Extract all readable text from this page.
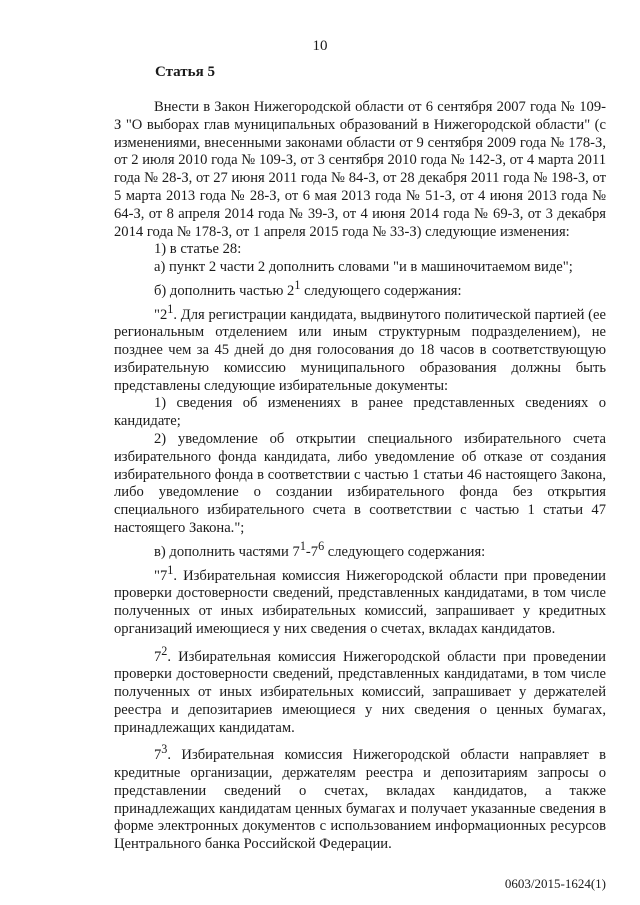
10
Статья 5

Внести в Закон Нижегородской области от 6 сентября 2007 года № 109-З "О выборах глав муниципальных образований в Нижегородской области" (с изменениями, внесенными законами области от 9 сентября 2009 года № 178-З, от 2 июля 2010 года № 109-З, от 3 сентября 2010 года № 142-З, от 4 марта 2011 года № 28-З, от 27 июня 2011 года № 84-З, от 28 декабря 2011 года № 198-З, от 5 марта 2013 года № 28-З, от 6 мая 2013 года № 51-З, от 4 июня 2013 года № 64-З, от 8 апреля 2014 года № 39-З, от 4 июня 2014 года № 69-З, от 3 декабря 2014 года № 178-З, от 1 апреля 2015 года № 33-З) следующие изменения:

1) в статье 28:

а) пункт 2 части 2 дополнить словами "и в машиночитаемом виде";

б) дополнить частью $2^1$ следующего содержания:

"$2^1$. Для регистрации кандидата, выдвинутого политической партией (ее региональным отделением или иным структурным подразделением), не позднее чем за 45 дней до дня голосования до 18 часов в соответствующую избирательную комиссию муниципального образования должны быть представлены следующие избирательные документы:

1) сведения об изменениях в ранее представленных сведениях о кандидате;

2) уведомление об открытии специального избирательного счета избирательного фонда кандидата, либо уведомление об отказе от создания избирательного фонда в соответствии с частью 1 статьи 46 настоящего Закона, либо уведомление о создании избирательного фонда без открытия специального избирательного счета в соответствии с частью 1 статьи 47 настоящего Закона.";

в) дополнить частями $7^1-7^6$ следующего содержания:

"$7^1$. Избирательная комиссия Нижегородской области при проведении проверки достоверности сведений, представленных кандидатами, в том числе полученных от иных избирательных комиссий, запрашивает у кредитных организаций имеющиеся у них сведения о счетах, вкладах кандидатов.

$7^2$. Избирательная комиссия Нижегородской области при проведении проверки достоверности сведений, представленных кандидатами, в том числе полученных от иных избирательных комиссий, запрашивает у держателей реестра и депозитариев имеющиеся у них сведения о ценных бумагах, принадлежащих кандидатам.

$7^3$. Избирательная комиссия Нижегородской области направляет в кредитные организации, держателям реестра и депозитариям запросы о представлении сведений о счетах, вкладах кандидатов, а также принадлежащих кандидатам ценных бумагах и получает указанные сведения в форме электронных документов с использованием информационных ресурсов Центрального банка Российской Федерации.

0603/2015-1624(1)
